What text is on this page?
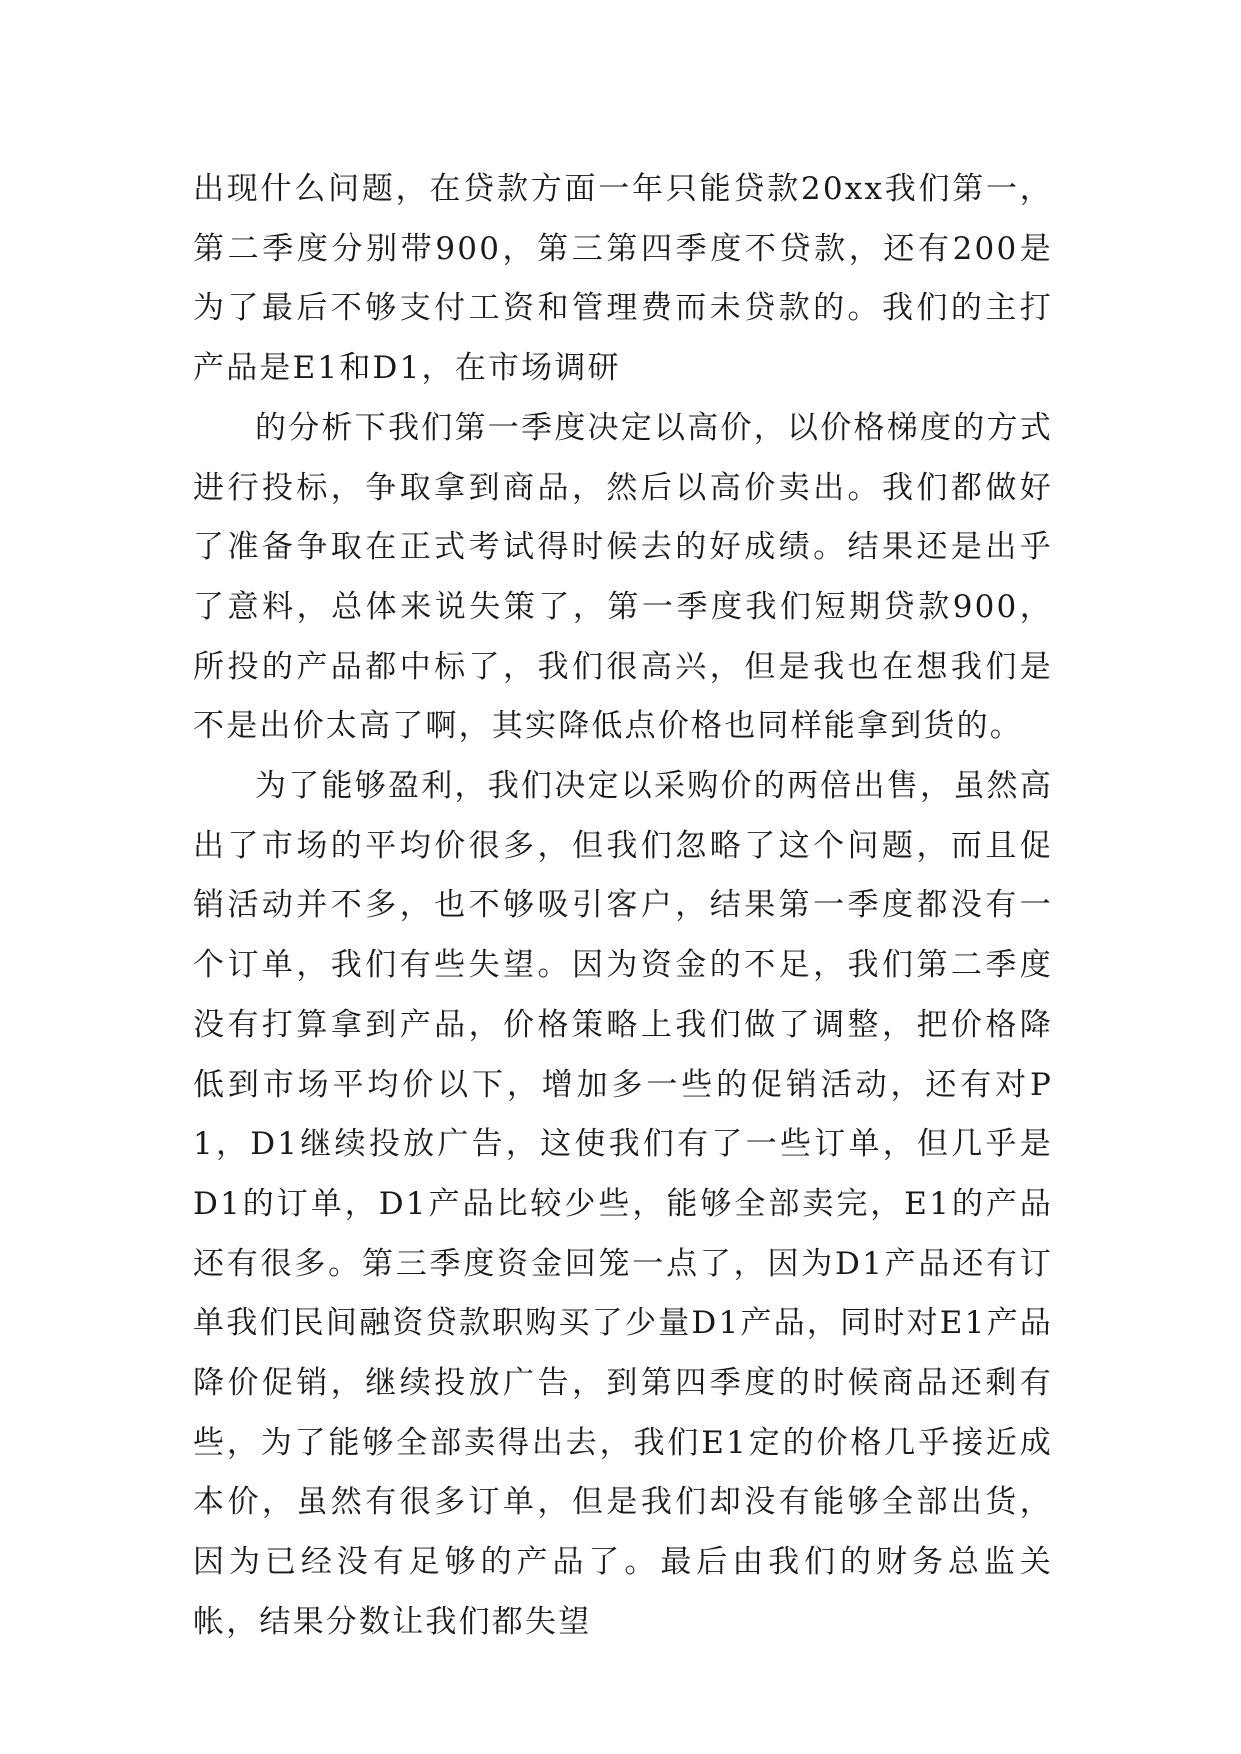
出现什么问题，在贷款方面一年只能贷款20xx我们第一，第二季度分别带900，第三第四季度不贷款，还有200是为了最后不够支付工资和管理费而未贷款的。我们的主打产品是E1和D1，在市场调研

的分析下我们第一季度决定以高价，以价格梯度的方式进行投标，争取拿到商品，然后以高价卖出。我们都做好了准备争取在正式考试得时候去的好成绩。结果还是出乎了意料，总体来说失策了，第一季度我们短期贷款900，所投的产品都中标了，我们很高兴，但是我也在想我们是不是出价太高了啊，其实降低点价格也同样能拿到货的。

为了能够盈利，我们决定以采购价的两倍出售，虽然高出了市场的平均价很多，但我们忽略了这个问题，而且促销活动并不多，也不够吸引客户，结果第一季度都没有一个订单，我们有些失望。因为资金的不足，我们第二季度没有打算拿到产品，价格策略上我们做了调整，把价格降低到市场平均价以下，增加多一些的促销活动，还有对P1，D1继续投放广告，这使我们有了一些订单，但几乎是D1的订单，D1产品比较少些，能够全部卖完，E1的产品还有很多。第三季度资金回笼一点了，因为D1产品还有订单我们民间融资贷款职购买了少量D1产品，同时对E1产品降价促销，继续投放广告，到第四季度的时候商品还剩有些，为了能够全部卖得出去，我们E1定的价格几乎接近成本价，虽然有很多订单，但是我们却没有能够全部出货，因为已经没有足够的产品了。最后由我们的财务总监关帐，结果分数让我们都失望
